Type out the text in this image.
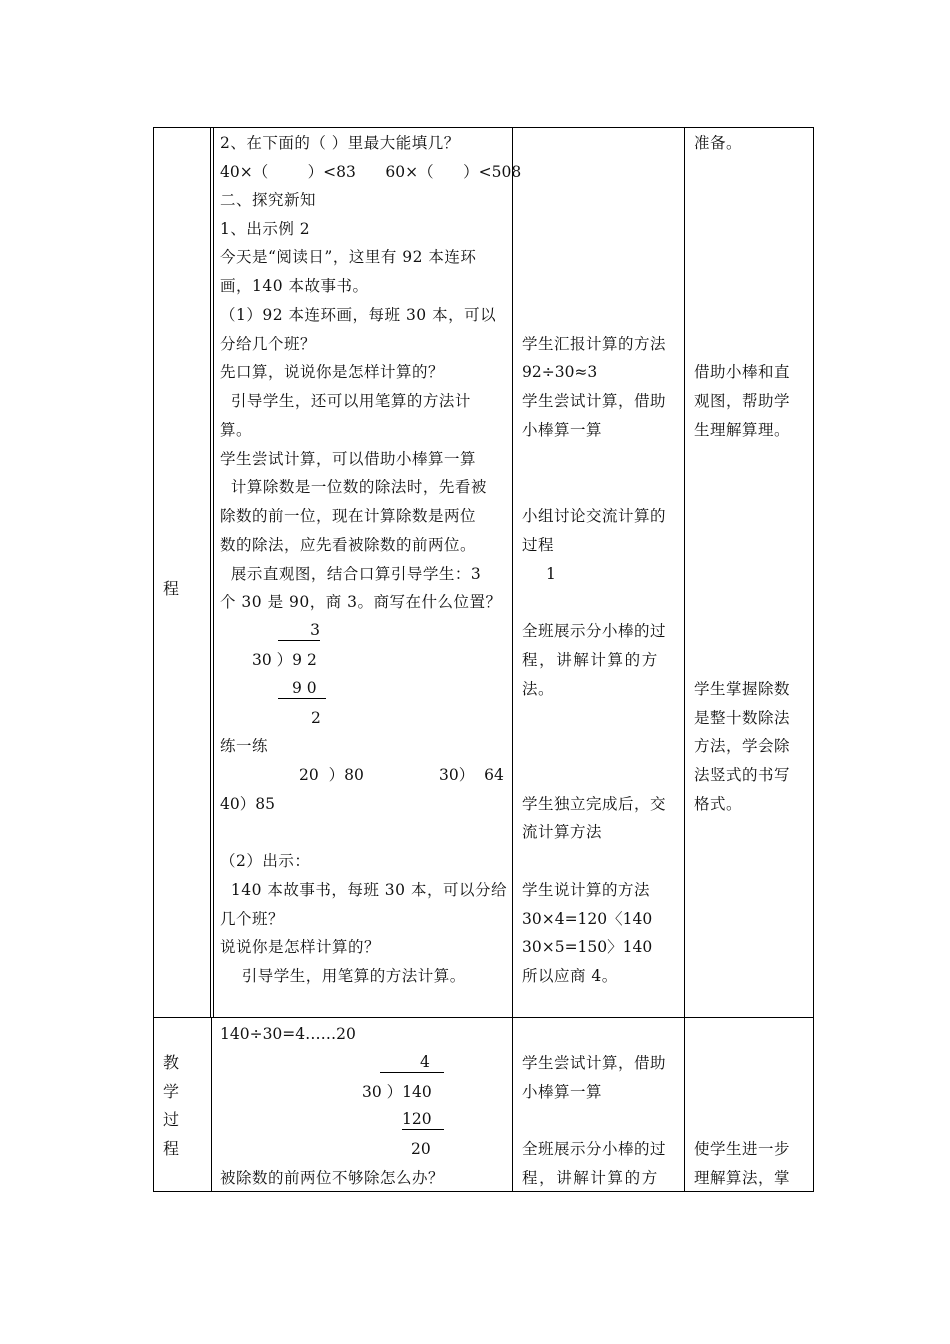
程
2、在下面的（ ）里最大能填几？
40×（        ）<83      60×（      ）<508
二、探究新知
1、出示例 2
今天是“阅读日”，这里有 92 本连环
画，140 本故事书。
（1）92 本连环画，每班 30 本，可以
分给几个班？
先口算，说说你是怎样计算的？
引导学生，还可以用笔算的方法计
算。
学生尝试计算，可以借助小棒算一算
计算除数是一位数的除法时，先看被
除数的前一位，现在计算除数是两位
数的除法，应先看被除数的前两位。
展示直观图，结合口算引导学生：3
个 30 是 90，商 3。商写在什么位置？
3
30 ）9 2
9 0
2
练一练
20  ）80	30）  64
40）85
（2）出示：
140 本故事书，每班 30 本，可以分给
几个班？
说说你是怎样计算的？
引导学生，用笔算的方法计算。
学生汇报计算的方法
92÷30≈3
学生尝试计算，借助
小棒算一算
小组讨论交流计算的
过程
1
全班展示分小棒的过
程，讲解计算的方
法。
学生独立完成后，交
流计算方法
学生说计算的方法
30×4=120〈140
30×5=150〉140
所以应商 4。
准备。
借助小棒和直
观图，帮助学
生理解算理。
学生掌握除数
是整十数除法
方法，学会除
法竖式的书写
格式。
教
学
过
程
140÷30=4……20
4
30 ）140
120
20
被除数的前两位不够除怎么办？
学生尝试计算，借助
小棒算一算
全班展示分小棒的过
程，讲解计算的方
使学生进一步
理解算法，掌
